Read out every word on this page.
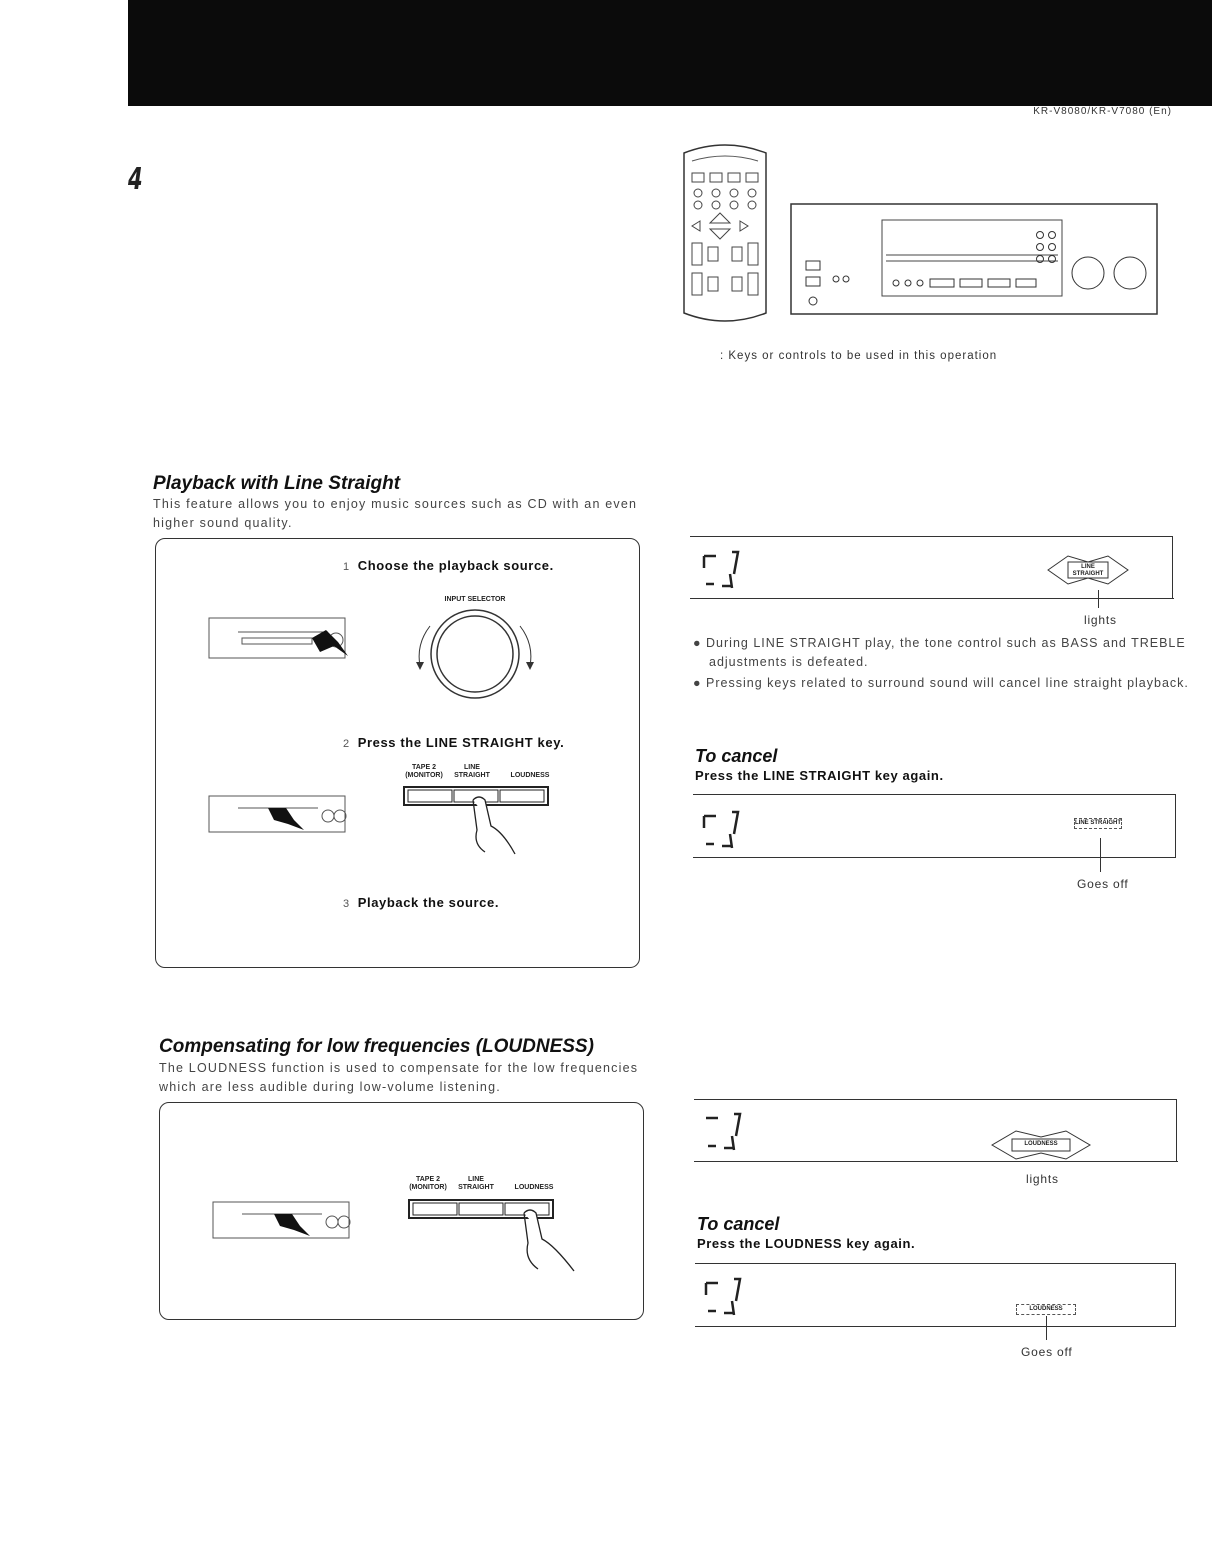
KR-V8080/KR-V7080 (En)
4
: Keys or controls to be used in this operation
Playback with Line Straight
This feature allows you to enjoy music sources such as CD with an even higher sound quality.
1 Choose the playback source.
INPUT SELECTOR
2 Press the LINE STRAIGHT key.
TAPE 2 (MONITOR)
LINE STRAIGHT	LOUDNESS
3 Playback the source.
LINE STRAIGHT
lights
● During LINE STRAIGHT play, the tone control such as BASS and TREBLE adjustments is defeated.
● Pressing keys related to surround sound will cancel line straight playback.
To cancel
Press the LINE STRAIGHT key again.
LINE STRAIGHT
Goes off
Compensating for low frequencies (LOUDNESS)
The LOUDNESS function is used to compensate for the low frequencies which are less audible during low-volume listening.
TAPE 2 (MONITOR)
LINE STRAIGHT	LOUDNESS
LOUDNESS
lights
To cancel
Press the LOUDNESS key again.
LOUDNESS
Goes off
